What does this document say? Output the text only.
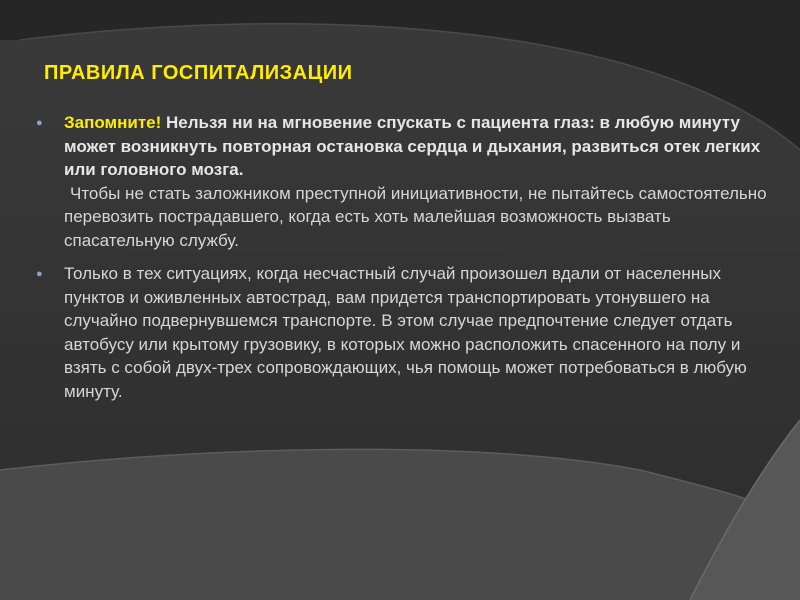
ПРАВИЛА ГОСПИТАЛИЗАЦИИ
● Запомните! Нельзя ни на мгновение спускать с пациента глаз: в любую минуту может возникнуть повторная остановка сердца и дыхания, развиться отек легких или головного мозга.
Чтобы не стать заложником преступной инициативности, не пытайтесь самостоятельно перевозить пострадавшего, когда есть хоть малейшая возможность вызвать спасательную службу.
● Только в тех ситуациях, когда несчастный случай произошел вдали от населенных пунктов и оживленных автострад, вам придется транспортировать утонувшего на случайно подвернувшемся транспорте. В этом случае предпочтение следует отдать автобусу или крытому грузовику, в которых можно расположить спасенного на полу и взять с собой двух-трех сопровождающих, чья помощь может потребоваться в любую минуту.
